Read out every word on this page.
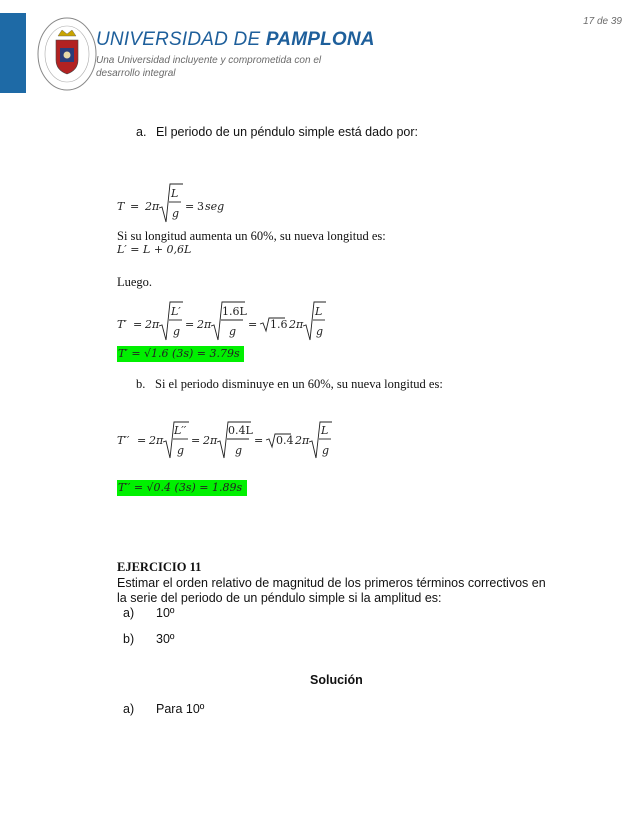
UNIVERSIDAD DE PAMPLONA
Una Universidad incluyente y comprometida con el desarrollo integral
17 de 39
a. El periodo de un péndulo simple está dado por:
T = 2π
L
g
= 3 seg
Si su longitud aumenta un 60%, su nueva longitud es:
L′ = L + 0,6L
Luego.
T′ = 2π
L′
g
= 2π
1.6L
g
= 1.6 2π
L
g
T′ = √1.6 (3s) = 3.79s
b. Si el periodo disminuye en un 60%, su nueva longitud es:
T′′ = 2π
L′′
g
= 2π
0.4L
g
= 0.4 2π
L
g
T′′ = √0.4 (3s) = 1.89s
EJERCICIO 11
Estimar el orden relativo de magnitud de los primeros términos correctivos en
la serie del periodo de un péndulo simple si la amplitud es:
a) 10º
b) 30º
Solución
a) Para 10º
